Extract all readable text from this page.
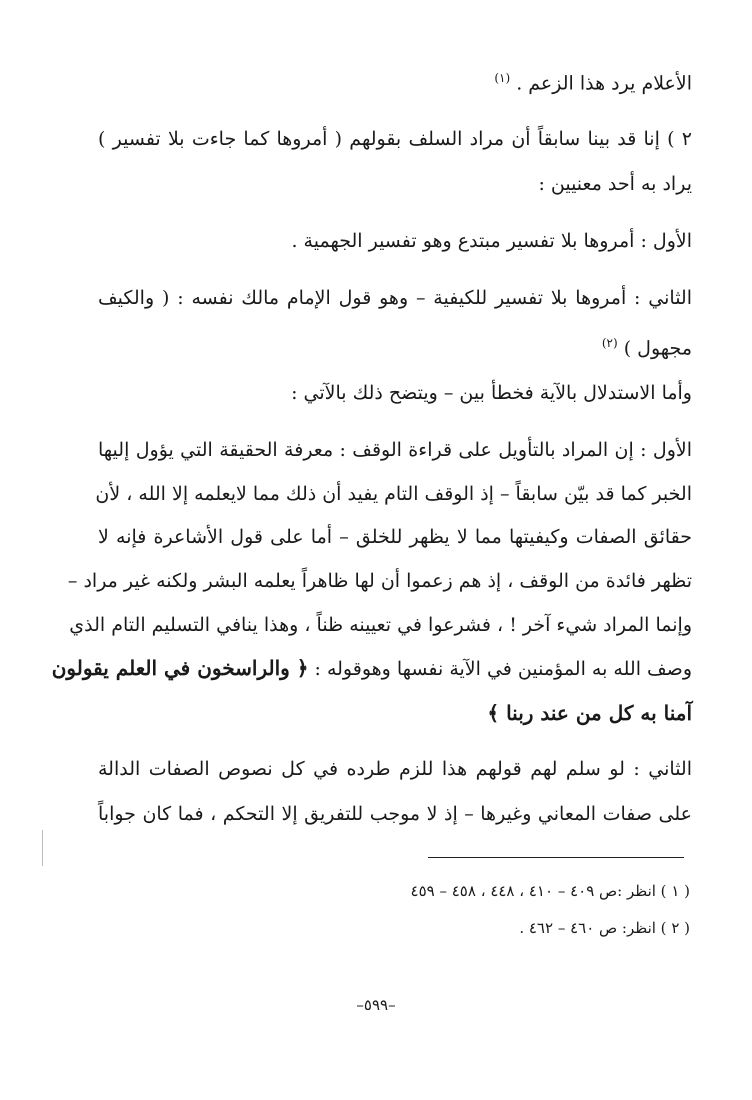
الأعلام يرد هذا الزعم . $^{(١)}$
٢ ) إنا قد بينا سابقاً أن مراد السلف بقولهم ( أمروها كما جاءت بلا تفسير )
يراد به أحد معنيين :
الأول : أمروها بلا تفسير مبتدع وهو تفسير الجهمية .
الثاني : أمروها بلا تفسير للكيفية – وهو قول الإمام مالك نفسه : ( والكيف
مجهول ) $^{(٢)}$
وأما الاستدلال بالآية فخطأ بين – ويتضح ذلك بالآتي :
الأول : إن المراد بالتأويل على قراءة الوقف : معرفة الحقيقة التي يؤول إليها
الخبر كما قد بيّن سابقاً – إذ الوقف التام يفيد أن ذلك مما لايعلمه إلا الله ، لأن
حقائق الصفات وكيفيتها مما لا يظهر للخلق – أما على قول الأشاعرة فإنه لا
تظهر فائدة من الوقف ، إذ هم زعموا أن لها ظاهراً يعلمه البشر ولكنه غير مراد –
وإنما المراد شيء آخر ! ، فشرعوا في تعيينه ظناً ، وهذا ينافي التسليم التام الذي
وصف الله به المؤمنين في الآية نفسها وهوقوله : ﴿ والراسخون في العلم يقولون
آمنا به كل من عند ربنا ﴾
الثاني : لو سلم لهم قولهم هذا للزم طرده في كل نصوص الصفات الدالة
على صفات المعاني وغيرها – إذ لا موجب للتفريق إلا التحكم ، فما كان جواباً
( ١ ) انظر :ص ٤٠٩ – ٤١٠ ، ٤٤٨ ، ٤٥٨ – ٤٥٩
( ٢ ) انظر: ص ٤٦٠ – ٤٦٢ .
–٥٩٩–
